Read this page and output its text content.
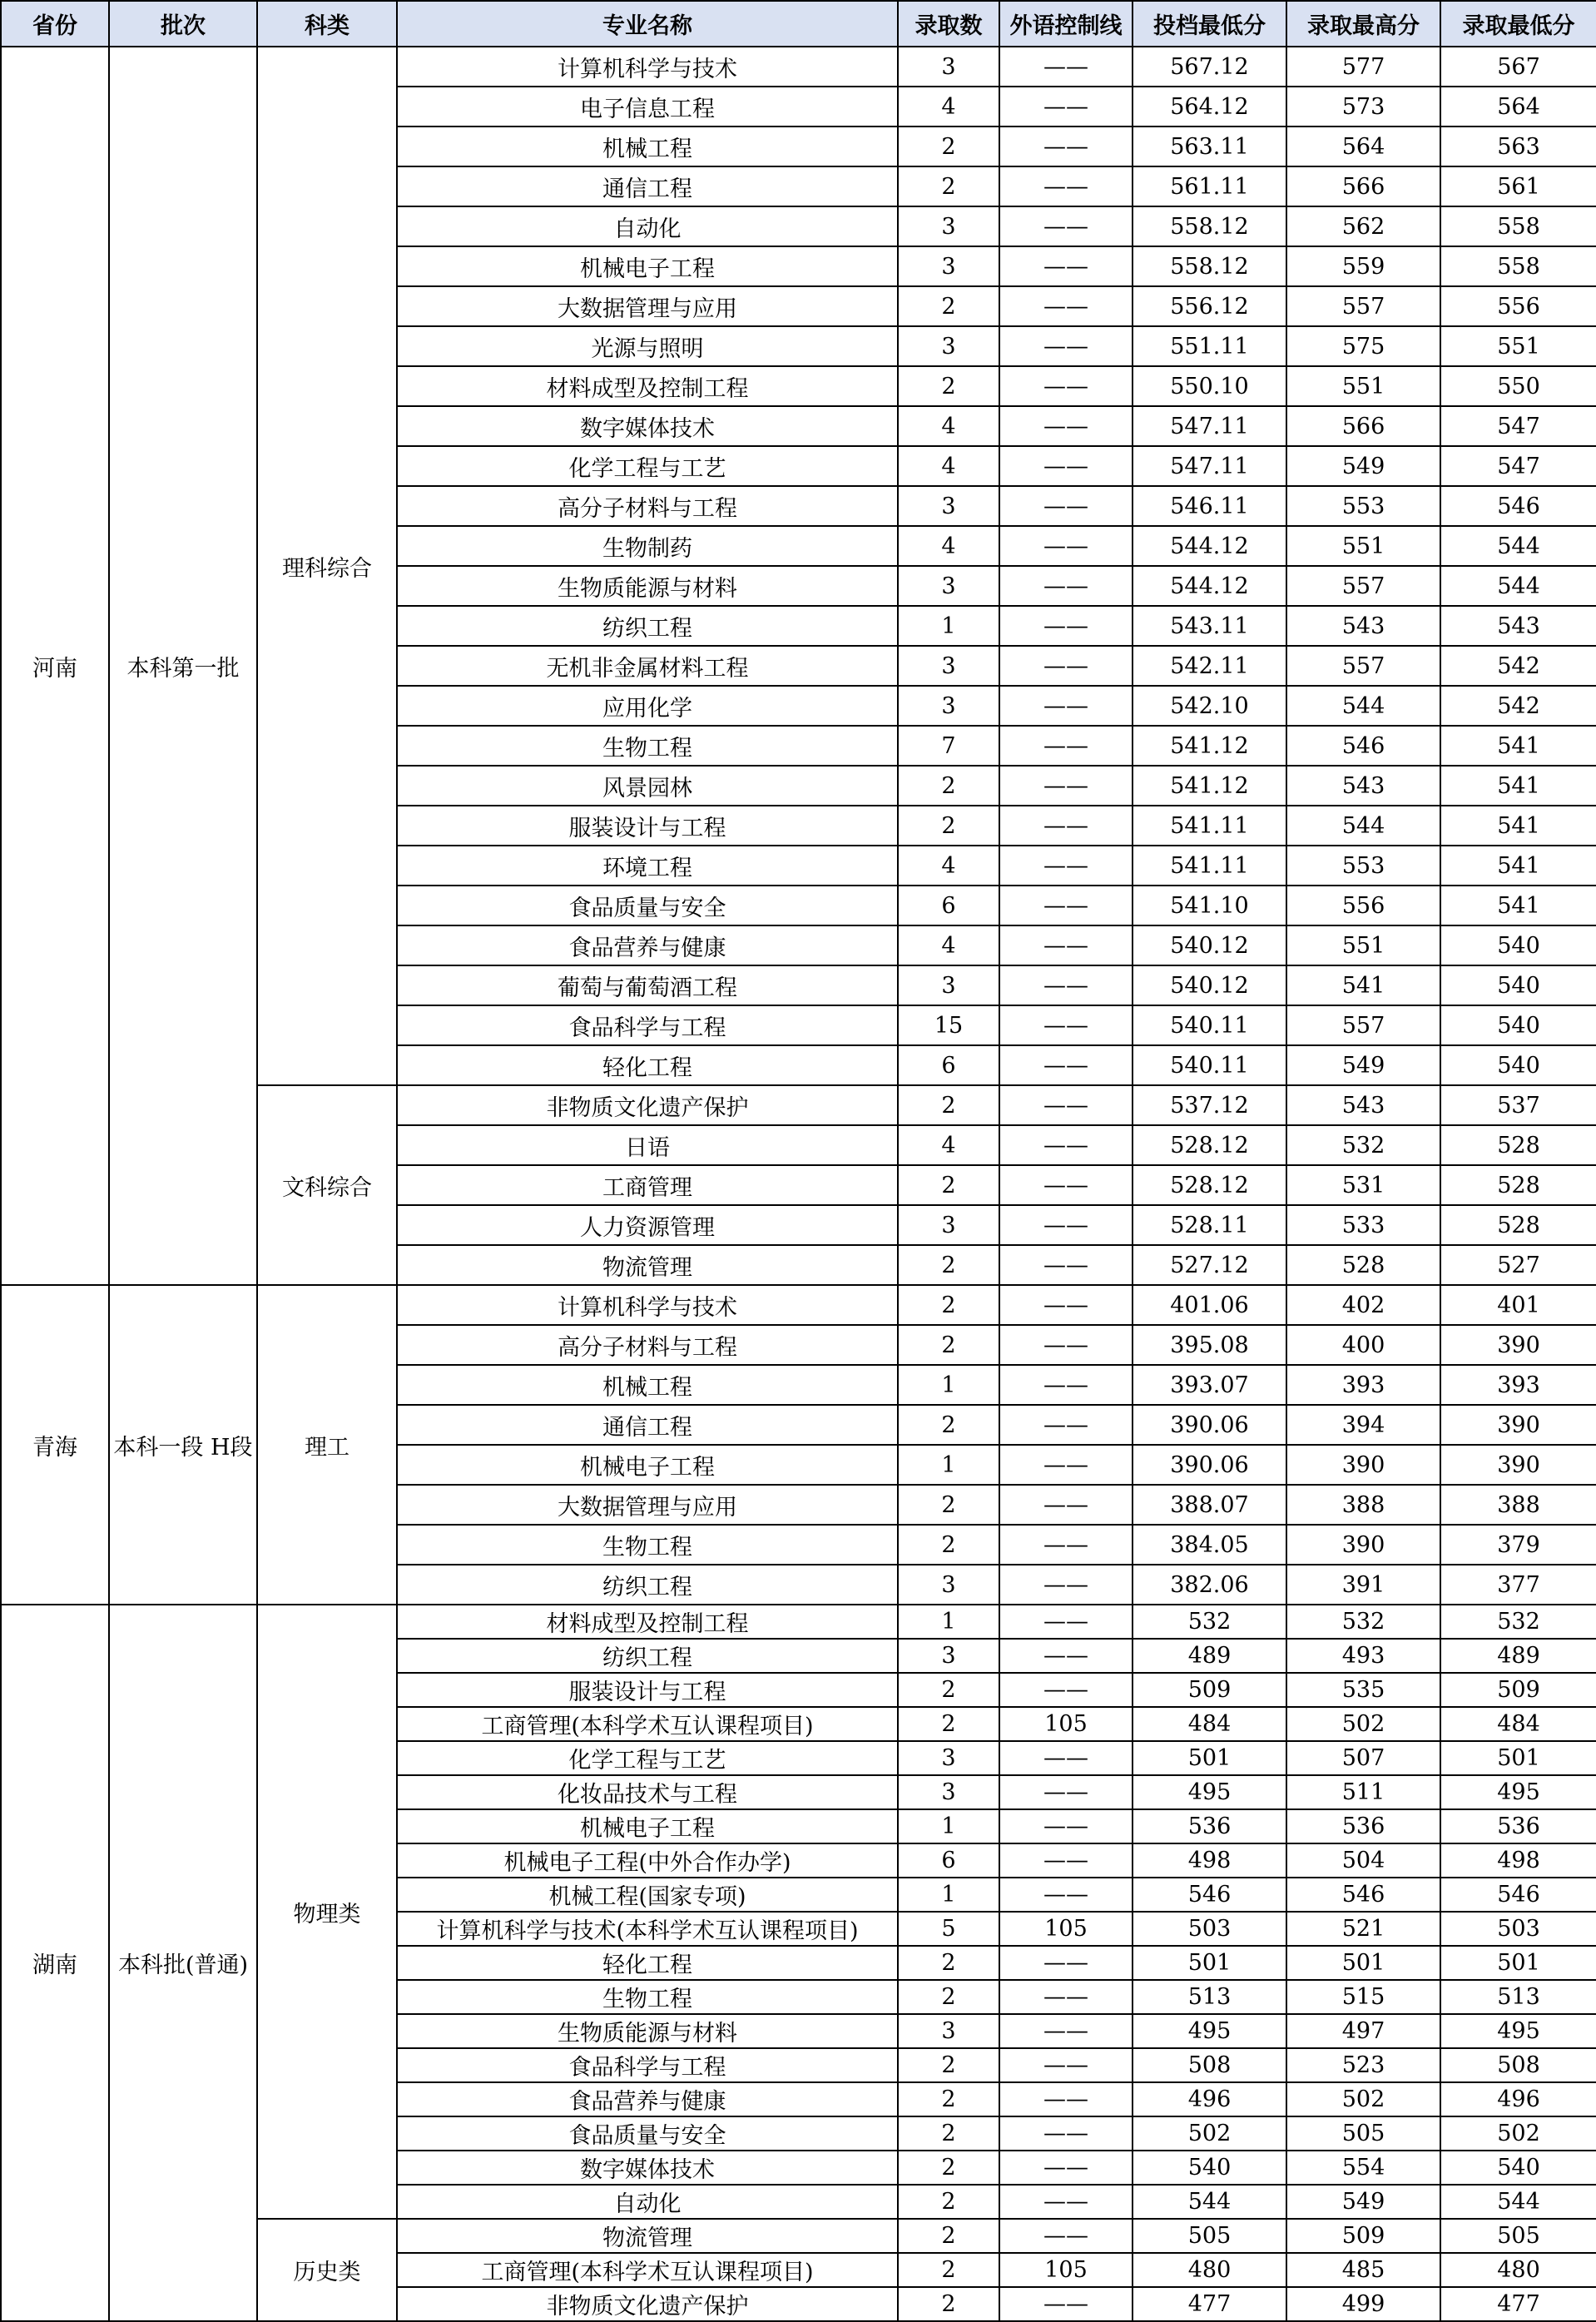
省份	批次	科类	专业名称	录取数	外语控制线	投档最低分	录取最高分	录取最低分
河南	本科第一批	理科综合	计算机科学与技术	3	——	567.12	577	567
			电子信息工程	4	——	564.12	573	564
			机械工程	2	——	563.11	564	563
			通信工程	2	——	561.11	566	561
			自动化	3	——	558.12	562	558
			机械电子工程	3	——	558.12	559	558
			大数据管理与应用	2	——	556.12	557	556
			光源与照明	3	——	551.11	575	551
			材料成型及控制工程	2	——	550.10	551	550
			数字媒体技术	4	——	547.11	566	547
			化学工程与工艺	4	——	547.11	549	547
			高分子材料与工程	3	——	546.11	553	546
			生物制药	4	——	544.12	551	544
			生物质能源与材料	3	——	544.12	557	544
			纺织工程	1	——	543.11	543	543
			无机非金属材料工程	3	——	542.11	557	542
			应用化学	3	——	542.10	544	542
			生物工程	7	——	541.12	546	541
			风景园林	2	——	541.12	543	541
			服装设计与工程	2	——	541.11	544	541
			环境工程	4	——	541.11	553	541
			食品质量与安全	6	——	541.10	556	541
			食品营养与健康	4	——	540.12	551	540
			葡萄与葡萄酒工程	3	——	540.12	541	540
			食品科学与工程	15	——	540.11	557	540
			轻化工程	6	——	540.11	549	540
		文科综合	非物质文化遗产保护	2	——	537.12	543	537
			日语	4	——	528.12	532	528
			工商管理	2	——	528.12	531	528
			人力资源管理	3	——	528.11	533	528
			物流管理	2	——	527.12	528	527
青海	本科一段 H段	理工	计算机科学与技术	2	——	401.06	402	401
			高分子材料与工程	2	——	395.08	400	390
			机械工程	1	——	393.07	393	393
			通信工程	2	——	390.06	394	390
			机械电子工程	1	——	390.06	390	390
			大数据管理与应用	2	——	388.07	388	388
			生物工程	2	——	384.05	390	379
			纺织工程	3	——	382.06	391	377
湖南	本科批(普通)	物理类	材料成型及控制工程	1	——	532	532	532
			纺织工程	3	——	489	493	489
			服装设计与工程	2	——	509	535	509
			工商管理(本科学术互认课程项目)	2	105	484	502	484
			化学工程与工艺	3	——	501	507	501
			化妆品技术与工程	3	——	495	511	495
			机械电子工程	1	——	536	536	536
			机械电子工程(中外合作办学)	6	——	498	504	498
			机械工程(国家专项)	1	——	546	546	546
			计算机科学与技术(本科学术互认课程项目)	5	105	503	521	503
			轻化工程	2	——	501	501	501
			生物工程	2	——	513	515	513
			生物质能源与材料	3	——	495	497	495
			食品科学与工程	2	——	508	523	508
			食品营养与健康	2	——	496	502	496
			食品质量与安全	2	——	502	505	502
			数字媒体技术	2	——	540	554	540
			自动化	2	——	544	549	544
		历史类	物流管理	2	——	505	509	505
			工商管理(本科学术互认课程项目)	2	105	480	485	480
			非物质文化遗产保护	2	——	477	499	477
